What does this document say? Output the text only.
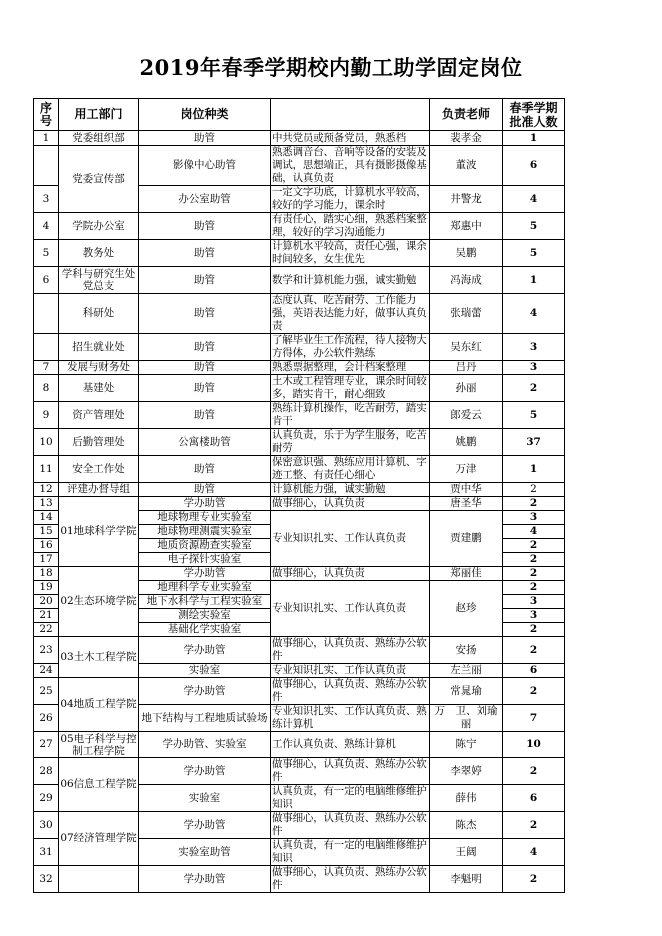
2019年春季学期校内勤工助学固定岗位
序号	用工部门	岗位种类		负责老师	春季学期批准人数
1	党委组织部	助管	中共党员或预备党员，熟悉档	裴孝金	1
	党委宣传部	影像中心助管	熟悉调音台、音响等设备的安装及调试，思想端正，具有摄影摄像基础，认真负责	董波	6
3		办公室助管	一定文字功底，计算机水平较高，较好的学习能力，课余时	井警龙	4
4	学院办公室	助管	有责任心，踏实心细，熟悉档案整理，较好的学习沟通能力	郑惠中	5
5	教务处	助管	计算机水平较高，责任心强，课余时间较多，女生优先	吴鹏	5
6	学科与研究生处党总支	助管	数学和计算机能力强，诚实勤勉	冯海成	1
	科研处	助管	态度认真、吃苦耐劳、工作能力强，英语表达能力好，做事认真负责	张瑞蕾	4
	招生就业处	助管	了解毕业生工作流程，待人接物大方得体，办公软件熟练	吴东红	3
7	发展与财务处	助管	熟悉票据整理，会计档案整理	吕丹	3
8	基建处	助管	土木或工程管理专业，课余时间较多，踏实肯干，耐心细致	孙丽	2
9	资产管理处	助管	熟练计算机操作，吃苦耐劳，踏实肯干	郎爱云	5
10	后勤管理处	公寓楼助管	认真负责，乐于为学生服务，吃苦耐劳	姚鹏	37
11	安全工作处	助管	保密意识强、熟练应用计算机、字迹工整、有责任心细心	万津	1
12	评建办督导组	助管	计算机能力强，诚实勤勉	贾中华	2
13	01地球科学学院	学办助管	做事细心，认真负责	唐圣华	2
14		地球物理专业实验室	专业知识扎实、工作认真负责	贾建鹏	3
15		地球物理测震实验室			4
16		地质资源勘查实验室			2
17		电子探针实验室			2
18	02生态环境学院	学办助管	做事细心，认真负责	郑丽佳	2
19		地理科学专业实验室	专业知识扎实、工作认真负责	赵珍	2
20		地下水科学与工程实验室			3
21		测绘实验室			3
22		基础化学实验室			2
23	03土木工程学院	学办助管	做事细心，认真负责、熟练办公软件	安扬	2
24		实验室	专业知识扎实、工作认真负责	左兰丽	6
25	04地质工程学院	学办助管	做事细心，认真负责、熟练办公软件	常晁瑜	2
26		地下结构与工程地质试验场	专业知识扎实、工作认真负责、熟练计算机	万　卫、刘瑜丽	7
27	05电子科学与控制工程学院	学办助管、实验室	工作认真负责、熟练计算机	陈宁	10
28	06信息工程学院	学办助管	做事细心，认真负责、熟练办公软件	李翠婷	2
29		实验室	认真负责，有一定的电脑维修维护知识	薛伟	6
30	07经济管理学院	学办助管	做事细心，认真负责、熟练办公软件	陈杰	2
31		实验室助管	认真负责，有一定的电脑维修维护知识	王阔	4
32		学办助管	做事细心，认真负责、熟练办公软件	李魁明	2
